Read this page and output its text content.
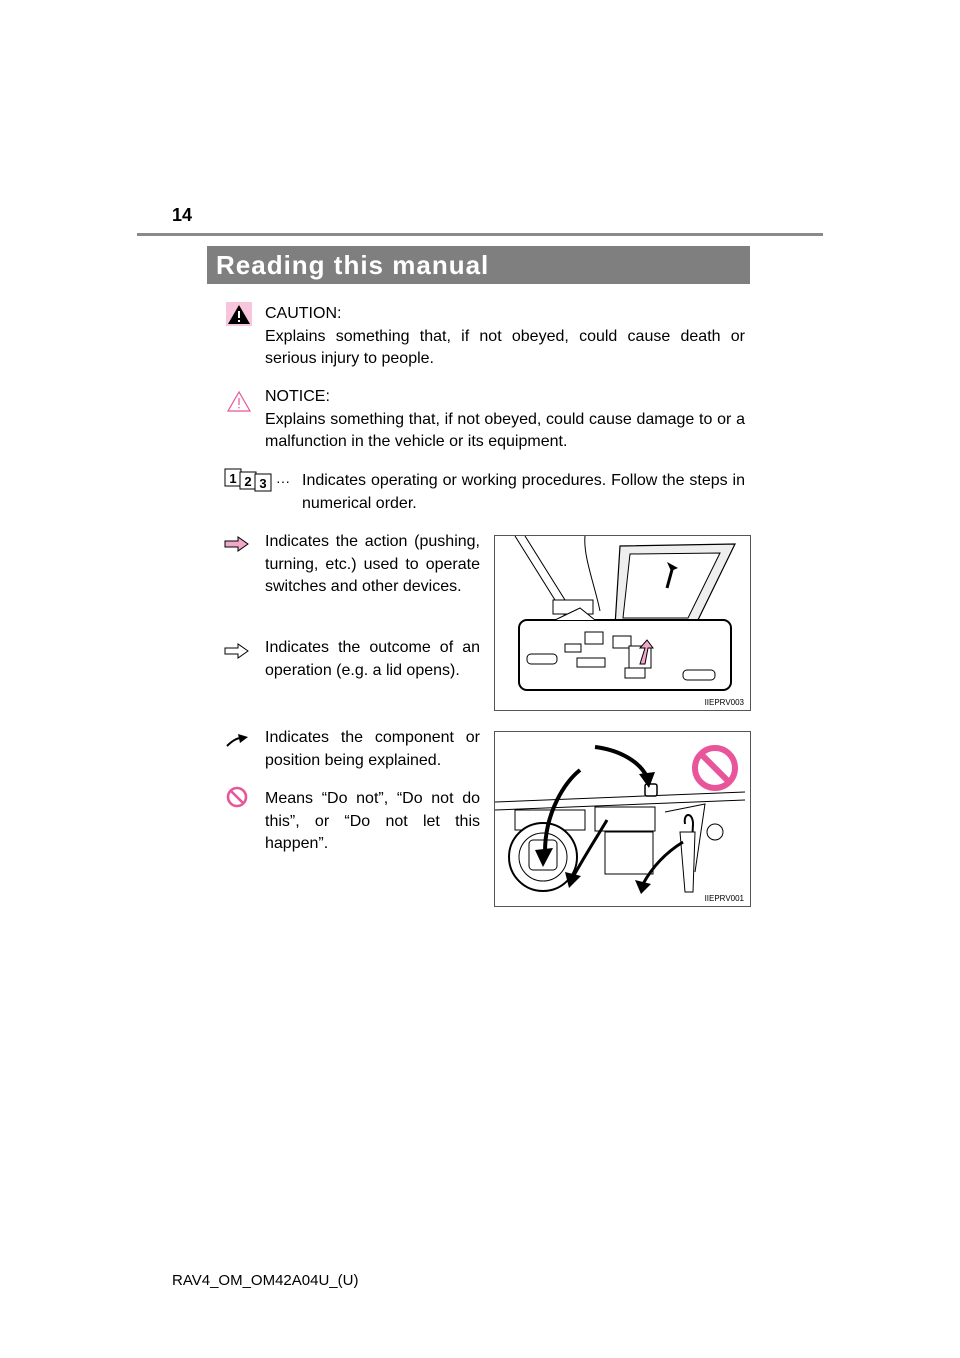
14
Reading this manual
CAUTION:
Explains something that, if not obeyed, could cause death or serious injury to people.
NOTICE:
Explains something that, if not obeyed, could cause damage to or a malfunction in the vehicle or its equipment.
1 2 3 ··· Indicates operating or working procedures. Follow the steps in numerical order.
Indicates the action (pushing, turning, etc.) used to operate switches and other devices.
Indicates the outcome of an operation (e.g. a lid opens).
IIEPRV003
Indicates the component or position being explained.
Means “Do not”, “Do not do this”, or “Do not let this happen”.
IIEPRV001
RAV4_OM_OM42A04U_(U)
